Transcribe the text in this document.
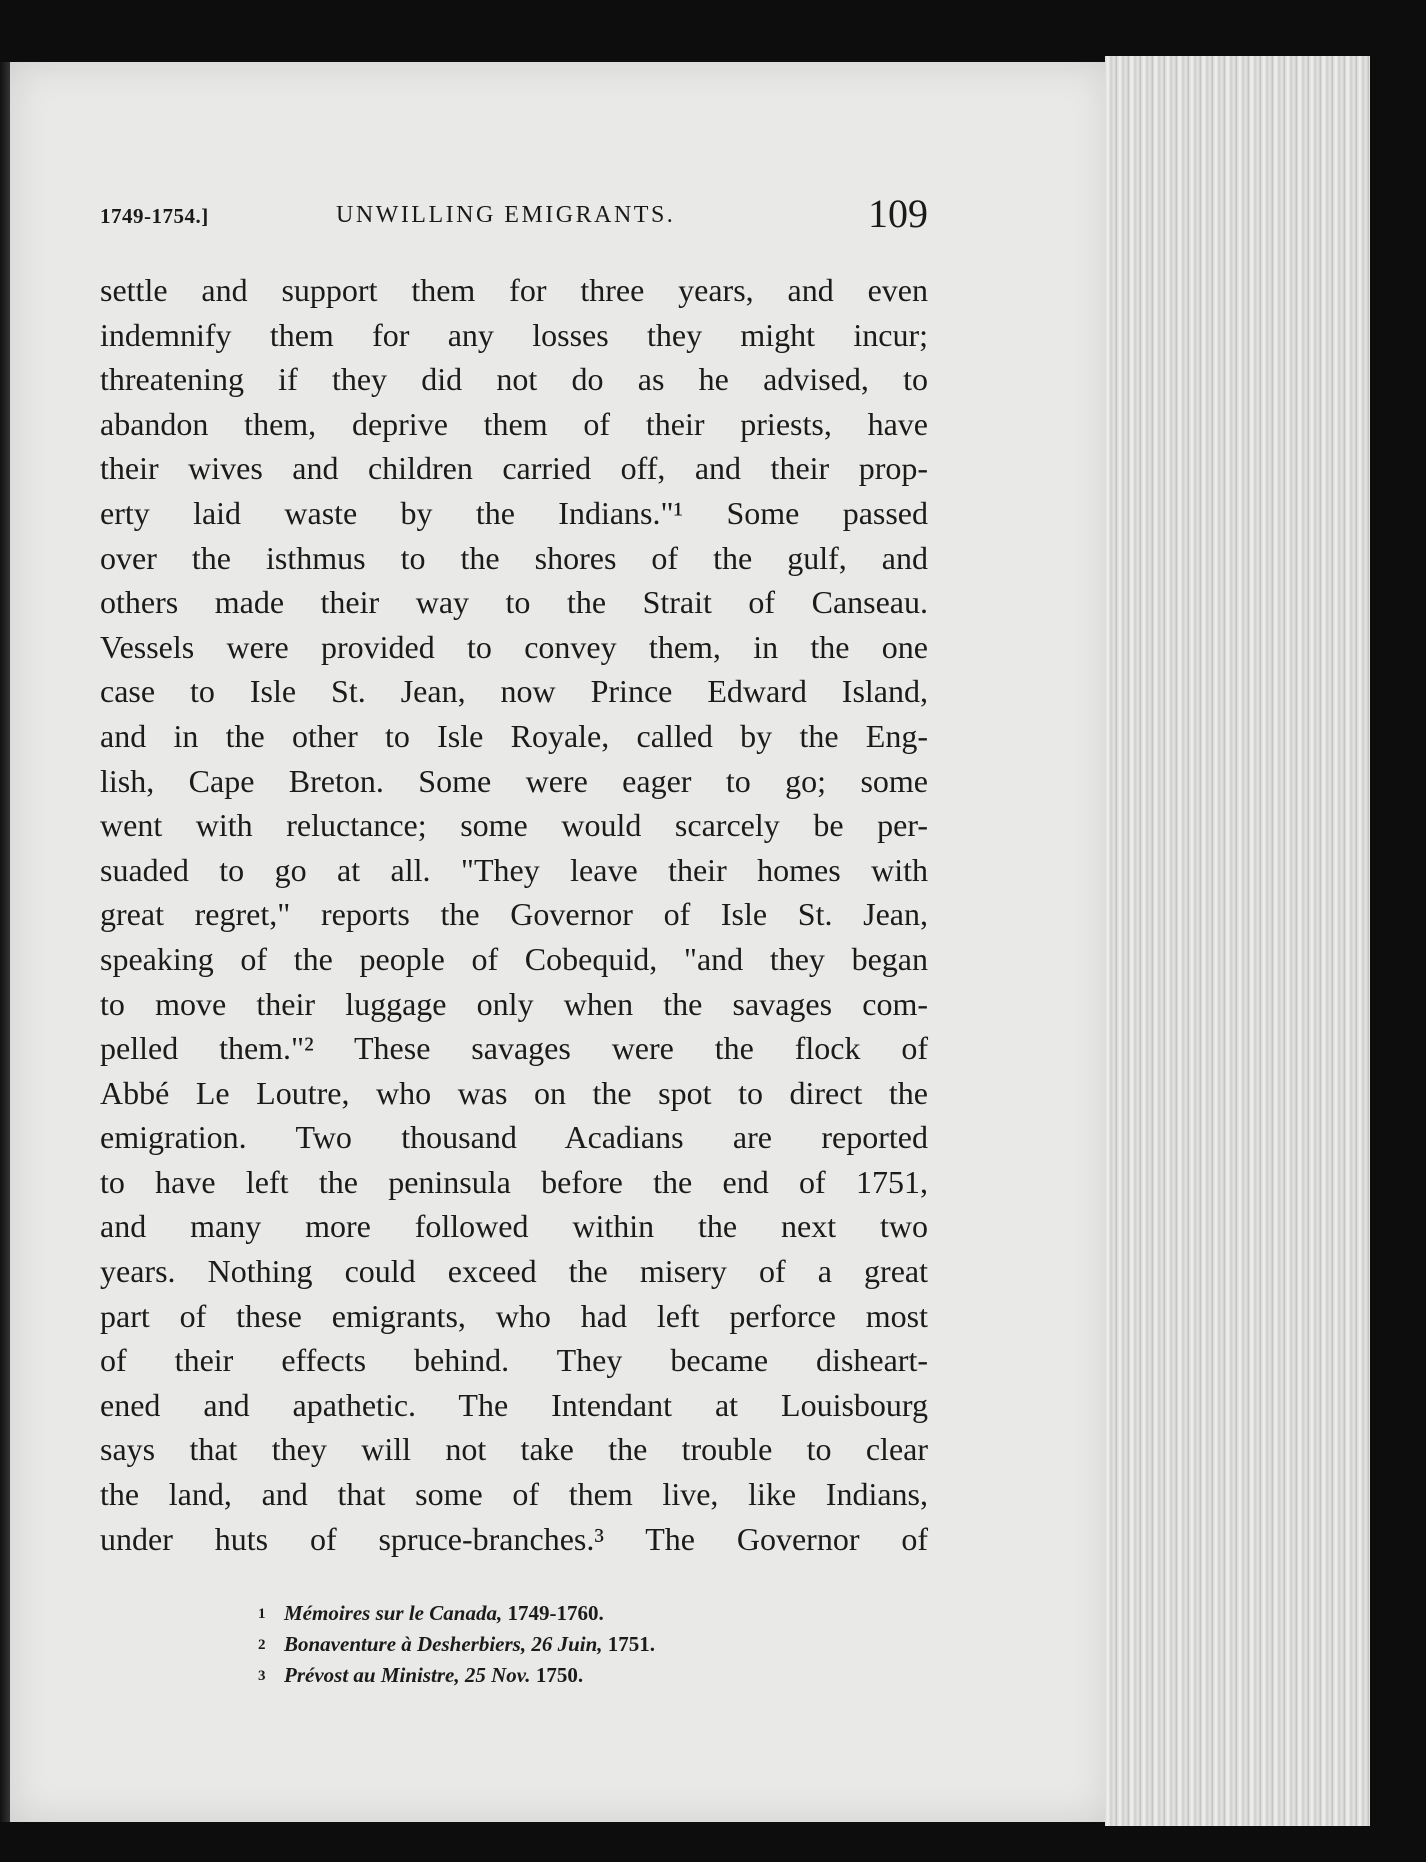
1749-1754.]	UNWILLING EMIGRANTS.	109
settle and support them for three years, and even
indemnify them for any losses they might incur;
threatening if they did not do as he advised, to
abandon them, deprive them of their priests, have
their wives and children carried off, and their prop-
erty laid waste by the Indians."¹ Some passed
over the isthmus to the shores of the gulf, and
others made their way to the Strait of Canseau.
Vessels were provided to convey them, in the one
case to Isle St. Jean, now Prince Edward Island,
and in the other to Isle Royale, called by the Eng-
lish, Cape Breton. Some were eager to go; some
went with reluctance; some would scarcely be per-
suaded to go at all. "They leave their homes with
great regret," reports the Governor of Isle St. Jean,
speaking of the people of Cobequid, "and they began
to move their luggage only when the savages com-
pelled them."² These savages were the flock of
Abbé Le Loutre, who was on the spot to direct the
emigration. Two thousand Acadians are reported
to have left the peninsula before the end of 1751,
and many more followed within the next two
years. Nothing could exceed the misery of a great
part of these emigrants, who had left perforce most
of their effects behind. They became disheart-
ened and apathetic. The Intendant at Louisbourg
says that they will not take the trouble to clear
the land, and that some of them live, like Indians,
under huts of spruce-branches.³ The Governor of
1 Mémoires sur le Canada, 1749-1760.
2 Bonaventure à Desherbiers, 26 Juin, 1751.
3 Prévost au Ministre, 25 Nov. 1750.
